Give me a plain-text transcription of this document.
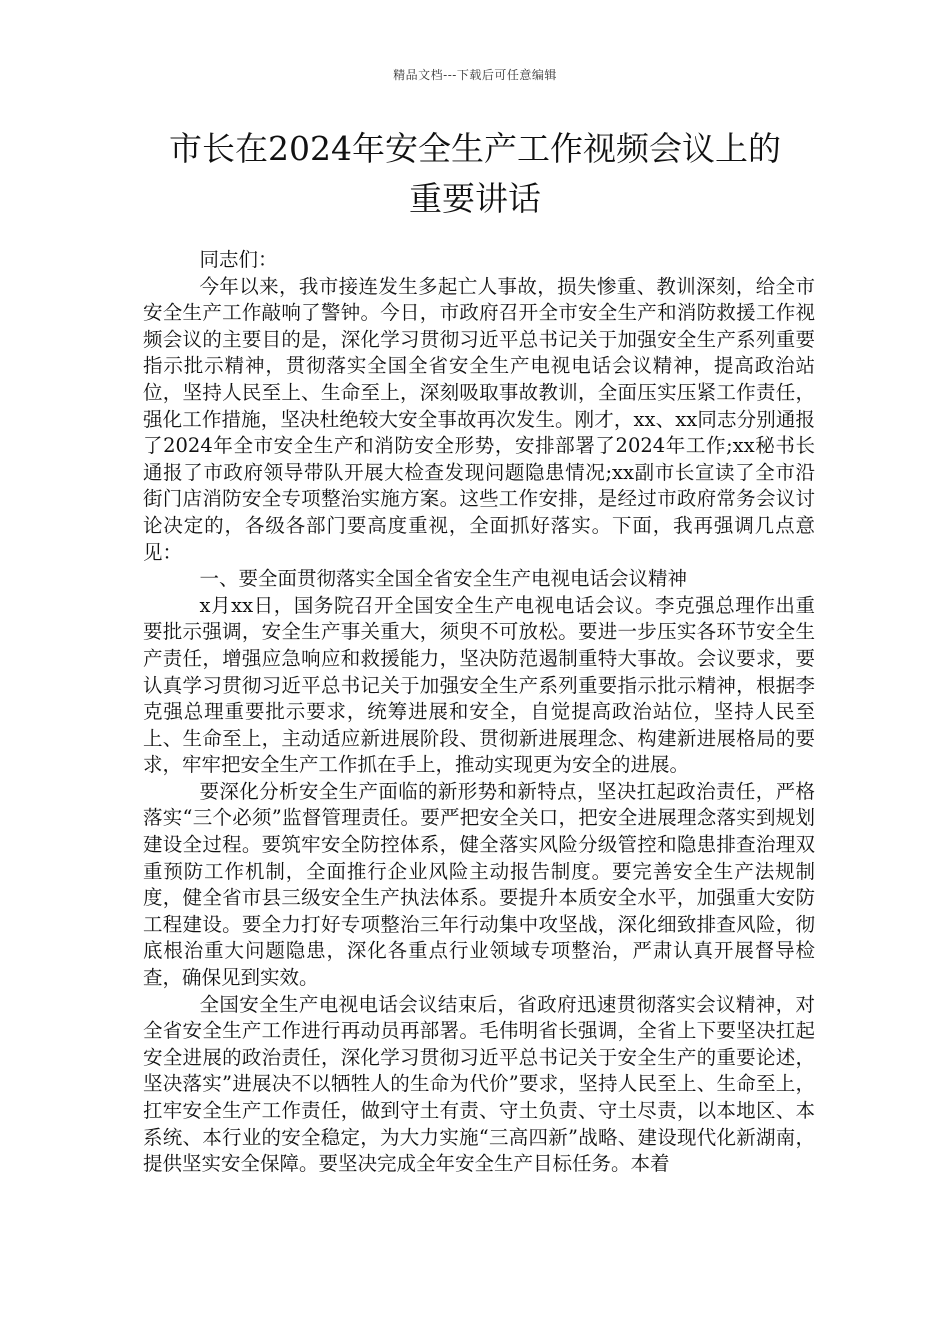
精品文档---下载后可任意编辑
市长在2024年安全生产工作视频会议上的
重要讲话

同志们：

今年以来，我市接连发生多起亡人事故，损失惨重、教训深刻，给全市安全生产工作敲响了警钟。今日，市政府召开全市安全生产和消防救援工作视频会议的主要目的是，深化学习贯彻习近平总书记关于加强安全生产系列重要指示批示精神，贯彻落实全国全省安全生产电视电话会议精神，提高政治站位，坚持人民至上、生命至上，深刻吸取事故教训，全面压实压紧工作责任，强化工作措施，坚决杜绝较大安全事故再次发生。刚才，xx、xx同志分别通报了2024年全市安全生产和消防安全形势，安排部署了2024年工作;xx秘书长通报了市政府领导带队开展大检查发现问题隐患情况;xx副市长宣读了全市沿街门店消防安全专项整治实施方案。这些工作安排，是经过市政府常务会议讨论决定的，各级各部门要高度重视，全面抓好落实。下面，我再强调几点意见：

一、要全面贯彻落实全国全省安全生产电视电话会议精神

x月xx日，国务院召开全国安全生产电视电话会议。李克强总理作出重要批示强调，安全生产事关重大，须臾不可放松。要进一步压实各环节安全生产责任，增强应急响应和救援能力，坚决防范遏制重特大事故。会议要求，要认真学习贯彻习近平总书记关于加强安全生产系列重要指示批示精神，根据李克强总理重要批示要求，统筹进展和安全，自觉提高政治站位，坚持人民至上、生命至上，主动适应新进展阶段、贯彻新进展理念、构建新进展格局的要求，牢牢把安全生产工作抓在手上，推动实现更为安全的进展。

要深化分析安全生产面临的新形势和新特点，坚决扛起政治责任，严格落实“三个必须”监督管理责任。要严把安全关口，把安全进展理念落实到规划建设全过程。要筑牢安全防控体系，健全落实风险分级管控和隐患排查治理双重预防工作机制，全面推行企业风险主动报告制度。要完善安全生产法规制度，健全省市县三级安全生产执法体系。要提升本质安全水平，加强重大安防工程建设。要全力打好专项整治三年行动集中攻坚战，深化细致排查风险，彻底根治重大问题隐患，深化各重点行业领域专项整治，严肃认真开展督导检查，确保见到实效。

全国安全生产电视电话会议结束后，省政府迅速贯彻落实会议精神，对全省安全生产工作进行再动员再部署。毛伟明省长强调，全省上下要坚决扛起安全进展的政治责任，深化学习贯彻习近平总书记关于安全生产的重要论述，坚决落实”进展决不以牺牲人的生命为代价”要求，坚持人民至上、生命至上，扛牢安全生产工作责任，做到守土有责、守土负责、守土尽责，以本地区、本系统、本行业的安全稳定，为大力实施“三高四新”战略、建设现代化新湖南，提供坚实安全保障。要坚决完成全年安全生产目标任务。本着
